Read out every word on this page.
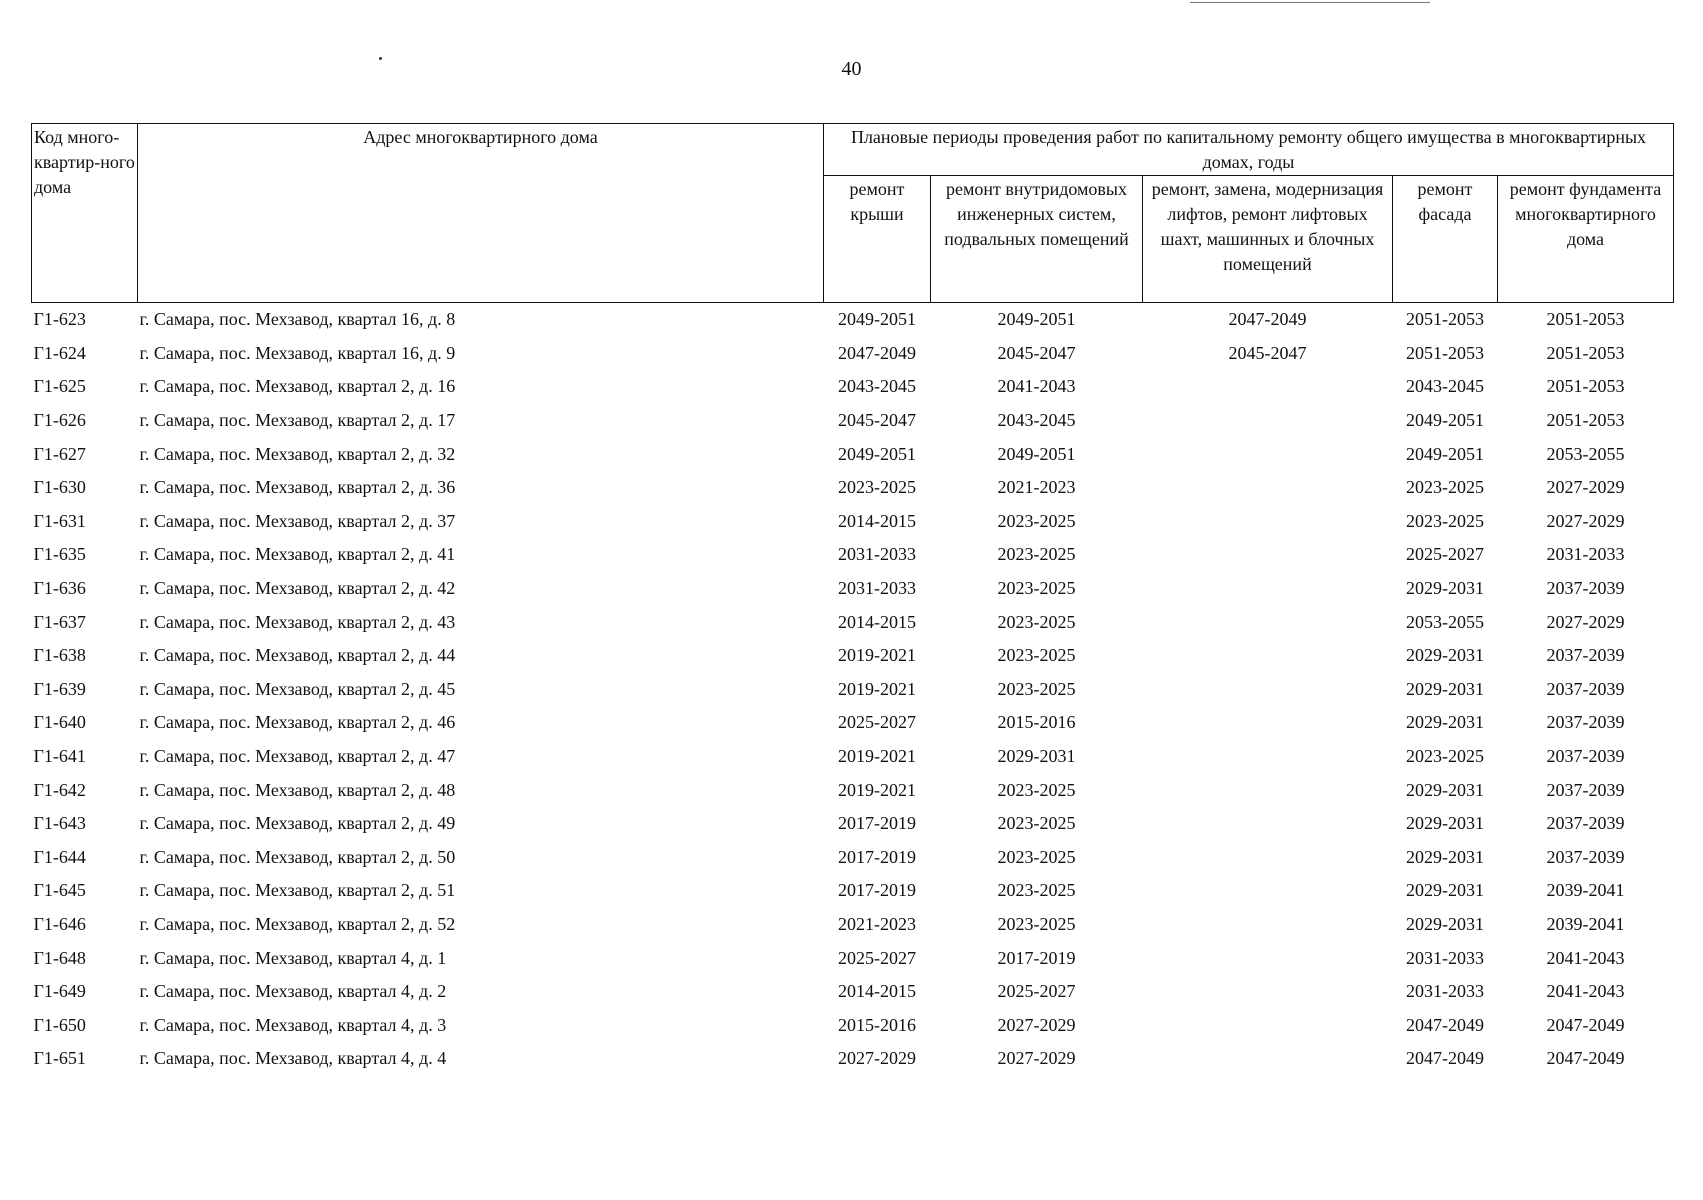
40
Код много-квартир-ного дома	Адрес многоквартирного дома	Плановые периоды проведения работ по капитальному ремонту общего имущества в многоквартирных домах, годы				
		ремонт крыши	ремонт внутридомовых инженерных систем, подвальных помещений	ремонт, замена, модернизация лифтов, ремонт лифтовых шахт, машинных и блочных помещений	ремонт фасада	ремонт фундамента многоквартирного дома
Г1-623	г. Самара, пос. Мехзавод, квартал 16, д. 8	2049-2051	2049-2051	2047-2049	2051-2053	2051-2053
Г1-624	г. Самара, пос. Мехзавод, квартал 16, д. 9	2047-2049	2045-2047	2045-2047	2051-2053	2051-2053
Г1-625	г. Самара, пос. Мехзавод, квартал 2, д. 16	2043-2045	2041-2043		2043-2045	2051-2053
Г1-626	г. Самара, пос. Мехзавод, квартал 2, д. 17	2045-2047	2043-2045		2049-2051	2051-2053
Г1-627	г. Самара, пос. Мехзавод, квартал 2, д. 32	2049-2051	2049-2051		2049-2051	2053-2055
Г1-630	г. Самара, пос. Мехзавод, квартал 2, д. 36	2023-2025	2021-2023		2023-2025	2027-2029
Г1-631	г. Самара, пос. Мехзавод, квартал 2, д. 37	2014-2015	2023-2025		2023-2025	2027-2029
Г1-635	г. Самара, пос. Мехзавод, квартал 2, д. 41	2031-2033	2023-2025		2025-2027	2031-2033
Г1-636	г. Самара, пос. Мехзавод, квартал 2, д. 42	2031-2033	2023-2025		2029-2031	2037-2039
Г1-637	г. Самара, пос. Мехзавод, квартал 2, д. 43	2014-2015	2023-2025		2053-2055	2027-2029
Г1-638	г. Самара, пос. Мехзавод, квартал 2, д. 44	2019-2021	2023-2025		2029-2031	2037-2039
Г1-639	г. Самара, пос. Мехзавод, квартал 2, д. 45	2019-2021	2023-2025		2029-2031	2037-2039
Г1-640	г. Самара, пос. Мехзавод, квартал 2, д. 46	2025-2027	2015-2016		2029-2031	2037-2039
Г1-641	г. Самара, пос. Мехзавод, квартал 2, д. 47	2019-2021	2029-2031		2023-2025	2037-2039
Г1-642	г. Самара, пос. Мехзавод, квартал 2, д. 48	2019-2021	2023-2025		2029-2031	2037-2039
Г1-643	г. Самара, пос. Мехзавод, квартал 2, д. 49	2017-2019	2023-2025		2029-2031	2037-2039
Г1-644	г. Самара, пос. Мехзавод, квартал 2, д. 50	2017-2019	2023-2025		2029-2031	2037-2039
Г1-645	г. Самара, пос. Мехзавод, квартал 2, д. 51	2017-2019	2023-2025		2029-2031	2039-2041
Г1-646	г. Самара, пос. Мехзавод, квартал 2, д. 52	2021-2023	2023-2025		2029-2031	2039-2041
Г1-648	г. Самара, пос. Мехзавод, квартал 4, д. 1	2025-2027	2017-2019		2031-2033	2041-2043
Г1-649	г. Самара, пос. Мехзавод, квартал 4, д. 2	2014-2015	2025-2027		2031-2033	2041-2043
Г1-650	г. Самара, пос. Мехзавод, квартал 4, д. 3	2015-2016	2027-2029		2047-2049	2047-2049
Г1-651	г. Самара, пос. Мехзавод, квартал 4, д. 4	2027-2029	2027-2029		2047-2049	2047-2049
